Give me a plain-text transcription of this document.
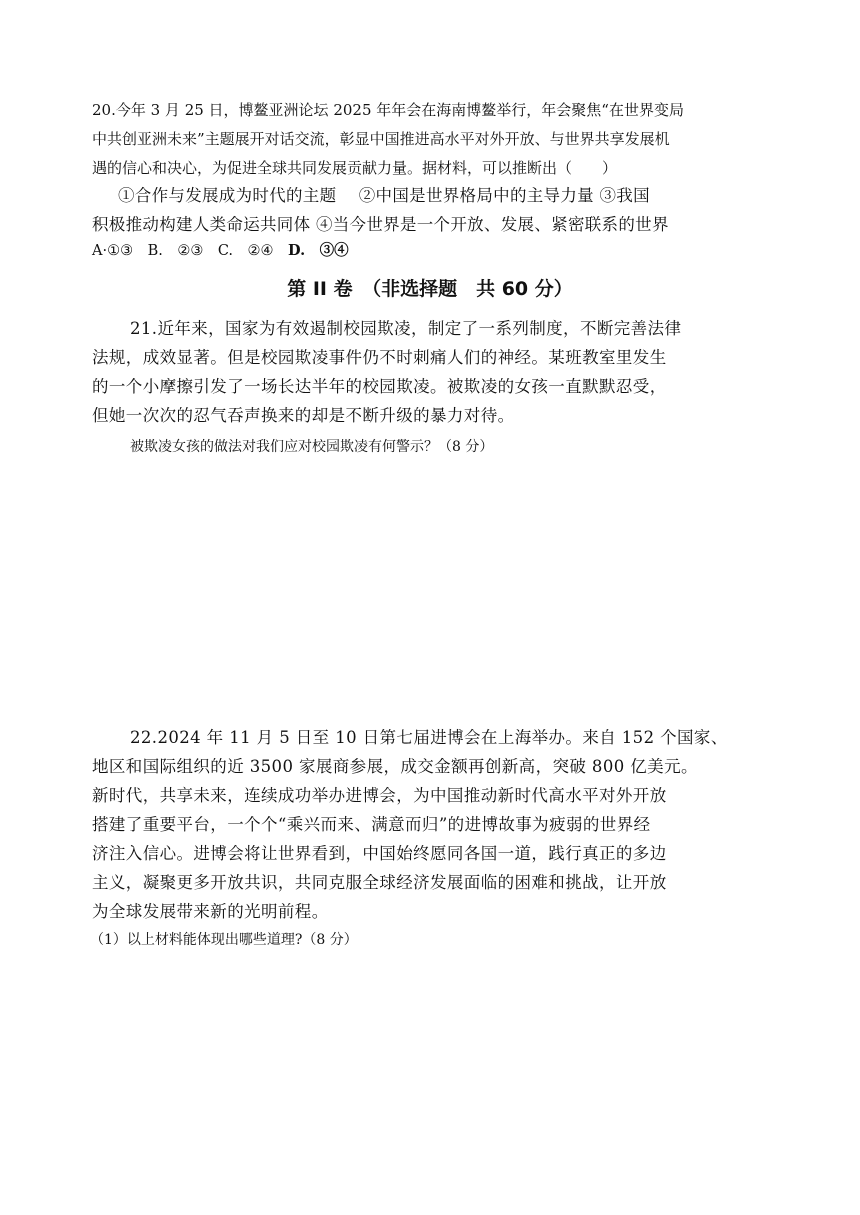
20.今年 3 月 25 日，博鳌亚洲论坛 2025 年年会在海南博鳌举行，年会聚焦“在世界变局
中共创亚洲未来”主题展开对话交流，彰显中国推进高水平对外开放、与世界共享发展机
遇的信心和决心，为促进全球共同发展贡献力量。据材料，可以推断出（　　）
①合作与发展成为时代的主题　 ②中国是世界格局中的主导力量 ③我国
积极推动构建人类命运共同体 ④当今世界是一个开放、发展、紧密联系的世界
A·①③　B.　②③　C.　②④　D.　③④
第 II 卷　（非选择题　共 60 分）
21.近年来，国家为有效遏制校园欺凌，制定了一系列制度，不断完善法律
法规，成效显著。但是校园欺凌事件仍不时刺痛人们的神经。某班教室里发生
的一个小摩擦引发了一场长达半年的校园欺凌。被欺凌的女孩一直默默忍受，
但她一次次的忍气吞声换来的却是不断升级的暴力对待。
被欺凌女孩的做法对我们应对校园欺凌有何警示？（8 分）
22.2024 年 11 月 5 日至 10 日第七届进博会在上海举办。来自 152 个国家、
地区和国际组织的近 3500 家展商参展，成交金额再创新高，突破 800 亿美元。
新时代，共享未来，连续成功举办进博会，为中国推动新时代高水平对外开放
搭建了重要平台，一个个“乘兴而来、满意而归”的进博故事为疲弱的世界经
济注入信心。进博会将让世界看到，中国始终愿同各国一道，践行真正的多边
主义，凝聚更多开放共识，共同克服全球经济发展面临的困难和挑战，让开放
为全球发展带来新的光明前程。
（1）以上材料能体现出哪些道理?（8 分）
